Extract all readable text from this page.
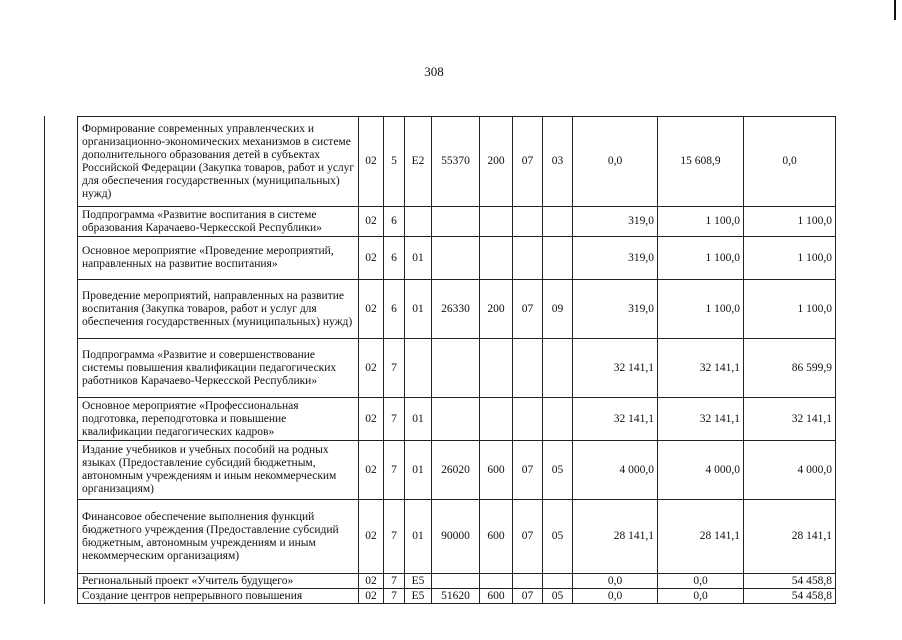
308
	Формирование современных управленческих и организационно-экономических механизмов в системе дополнительного образования детей в субъектах Российской Федерации (Закупка товаров, работ и услуг для обеспечения государственных (муниципальных) нужд)	02	5	Е2	55370	200	07	03	0,0	15 608,9	0,0
	Подпрограмма «Развитие воспитания в системе образования Карачаево-Черкесской Республики»	02	6						319,0	1 100,0	1 100,0
	Основное мероприятие «Проведение мероприятий, направленных на развитие воспитания»	02	6	01					319,0	1 100,0	1 100,0
	Проведение мероприятий, направленных на развитие воспитания (Закупка товаров, работ и услуг для обеспечения государственных (муниципальных) нужд)	02	6	01	26330	200	07	09	319,0	1 100,0	1 100,0
	Подпрограмма «Развитие и совершенствование системы повышения квалификации педагогических работников Карачаево-Черкесской Республики»	02	7						32 141,1	32 141,1	86 599,9
	Основное мероприятие «Профессиональная подготовка, переподготовка и повышение квалификации педагогических кадров»	02	7	01					32 141,1	32 141,1	32 141,1
	Издание учебников и учебных пособий на родных языках (Предоставление субсидий бюджетным, автономным учреждениям и иным некоммерческим организациям)	02	7	01	26020	600	07	05	4 000,0	4 000,0	4 000,0
	Финансовое обеспечение выполнения функций бюджетного учреждения (Предоставление субсидий бюджетным, автономным учреждениям и иным некоммерческим организациям)	02	7	01	90000	600	07	05	28 141,1	28 141,1	28 141,1
	Региональный проект «Учитель будущего»	02	7	Е5					0,0	0,0	54 458,8
	Создание центров непрерывного повышения	02	7	Е5	51620	600	07	05	0,0	0,0	54 458,8
